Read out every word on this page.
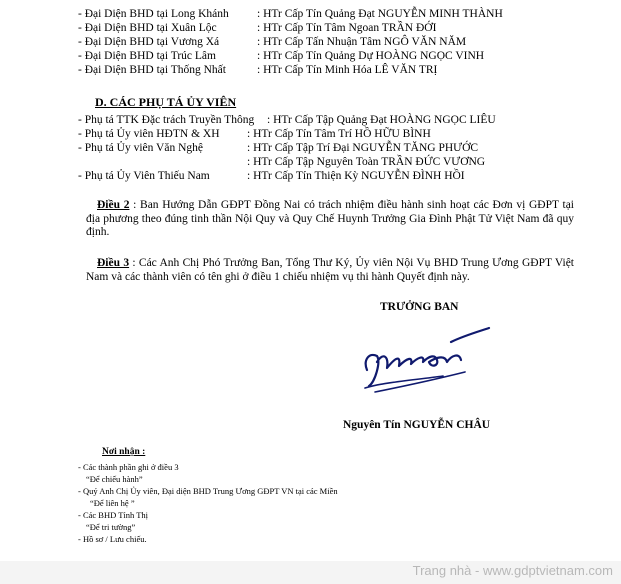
- Đại Diện BHD tại Long Khánh : HTr Cấp Tín Quảng Đạt NGUYỄN MINH THÀNH
- Đại Diện BHD tại Xuân Lộc	: HTr Cấp Tín Tâm Ngoan TRẦN ĐỚI
- Đại Diện BHD tại Vương Xá	: HTr Cấp Tấn Nhuận Tâm NGÔ VĂN NĂM
- Đại Diện BHD tại Trúc Lâm	: HTr Cấp Tín Quảng Dự HOÀNG NGỌC VINH
- Đại Diện BHD tại Thống Nhất	: HTr Cấp Tín Minh Hóa LÊ VĂN TRỊ
D. CÁC PHỤ TÁ ỦY VIÊN
- Phụ tá TTK Đặc trách Truyền Thông : HTr Cấp Tập Quảng Đạt HOÀNG NGỌC LIÊU
- Phụ tá Ủy viên HĐTN & XH : HTr Cấp Tín Tâm Trí HỒ HỮU BÌNH
- Phụ tá Ủy viên Văn Nghệ	: HTr Cấp Tập Trí Đại NGUYỄN TĂNG PHƯỚC
: HTr Cấp Tập Nguyên Toàn TRẦN ĐỨC VƯƠNG
- Phụ tá Ủy Viên Thiếu Nam	: HTr Cấp Tín Thiện Kỳ NGUYỄN ĐÌNH HỒI
Điều 2 : Ban Hướng Dẫn GĐPT Đồng Nai có trách nhiệm điều hành sinh hoạt các Đơn vị GĐPT tại địa phương theo đúng tinh thần Nội Quy và Quy Chế Huynh Trưởng Gia Đình Phật Tử Việt Nam đã quy định.
Điều 3 : Các Anh Chị Phó Trưởng Ban, Tổng Thư Ký, Ủy viên Nội Vụ BHD Trung Ương GĐPT Việt Nam và các thành viên có tên ghi ở điều 1 chiếu nhiệm vụ thi hành Quyết định này.
TRƯỞNG BAN
Nguyên Tín NGUYỄN CHÂU
Nơi nhận :
- Các thành phần ghi ở điều 3
“Để chiếu hành”
- Quý Anh Chị Ủy viên, Đại diện BHD Trung Ương GĐPT VN tại các Miền
“Để liên hệ ”
- Các BHD Tỉnh Thị
“Để tri tường”
- Hồ sơ / Lưu chiếu.
Trang nhà - www.gdptvietnam.com
